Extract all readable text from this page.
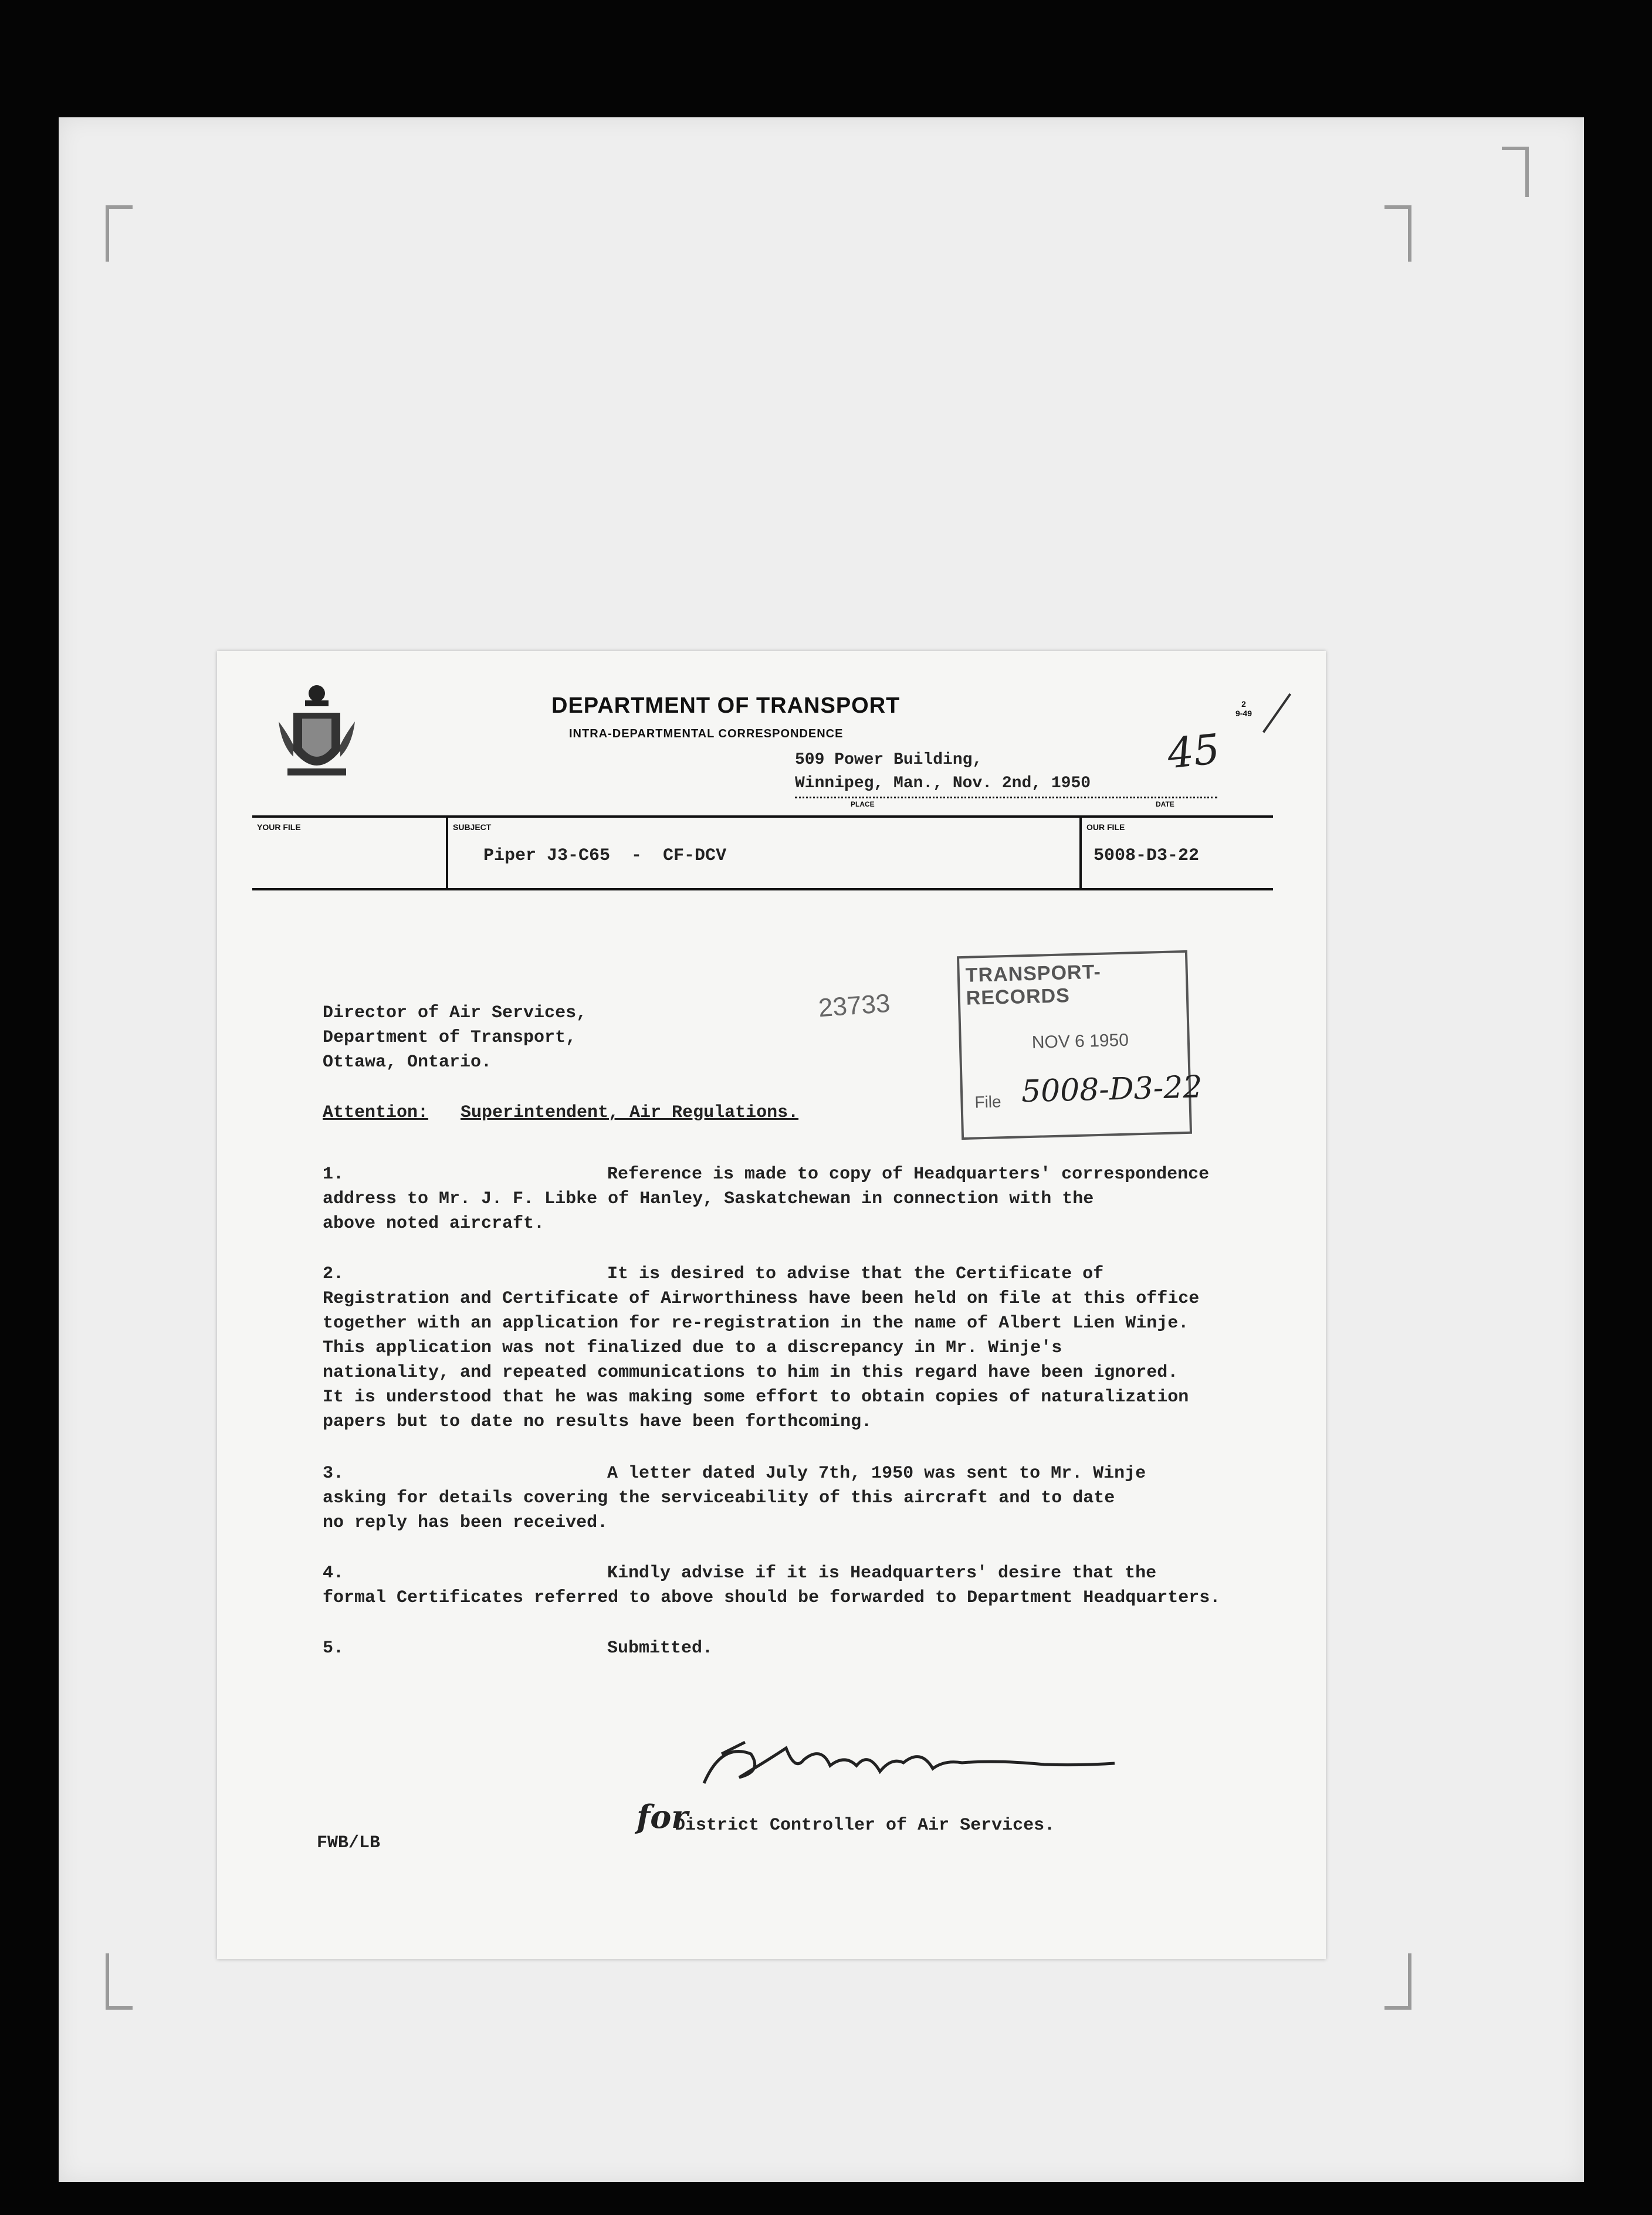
DEPARTMENT OF TRANSPORT
INTRA-DEPARTMENTAL CORRESPONDENCE
2
9-49
509 Power Building,
Winnipeg, Man., Nov. 2nd, 1950
PLACE	DATE
45
YOUR FILE	SUBJECT
Piper J3-C65  -  CF-DCV
OUR FILE
5008-D3-22
23733
TRANSPORT-RECORDS
NOV 6 1950
File 5008-D3-22
Director of Air Services,
Department of Transport,
Ottawa, Ontario.
Attention: Superintendent, Air Regulations.
1.	Reference is made to copy of Headquarters' correspondence
address to Mr. J. F. Libke of Hanley, Saskatchewan in connection with the
above noted aircraft.
2.	It is desired to advise that the Certificate of
Registration and Certificate of Airworthiness have been held on file at this office
together with an application for re-registration in the name of Albert Lien Winje.
This application was not finalized due to a discrepancy in Mr. Winje's
nationality, and repeated communications to him in this regard have been ignored.
It is understood that he was making some effort to obtain copies of naturalization
papers but to date no results have been forthcoming.
3.	A letter dated July 7th, 1950 was sent to Mr. Winje
asking for details covering the serviceability of this aircraft and to date
no reply has been received.
4.	Kindly advise if it is Headquarters' desire that the
formal Certificates referred to above should be forwarded to Department Headquarters.
5.	Submitted.
for
District Controller of Air Services.
FWB/LB
